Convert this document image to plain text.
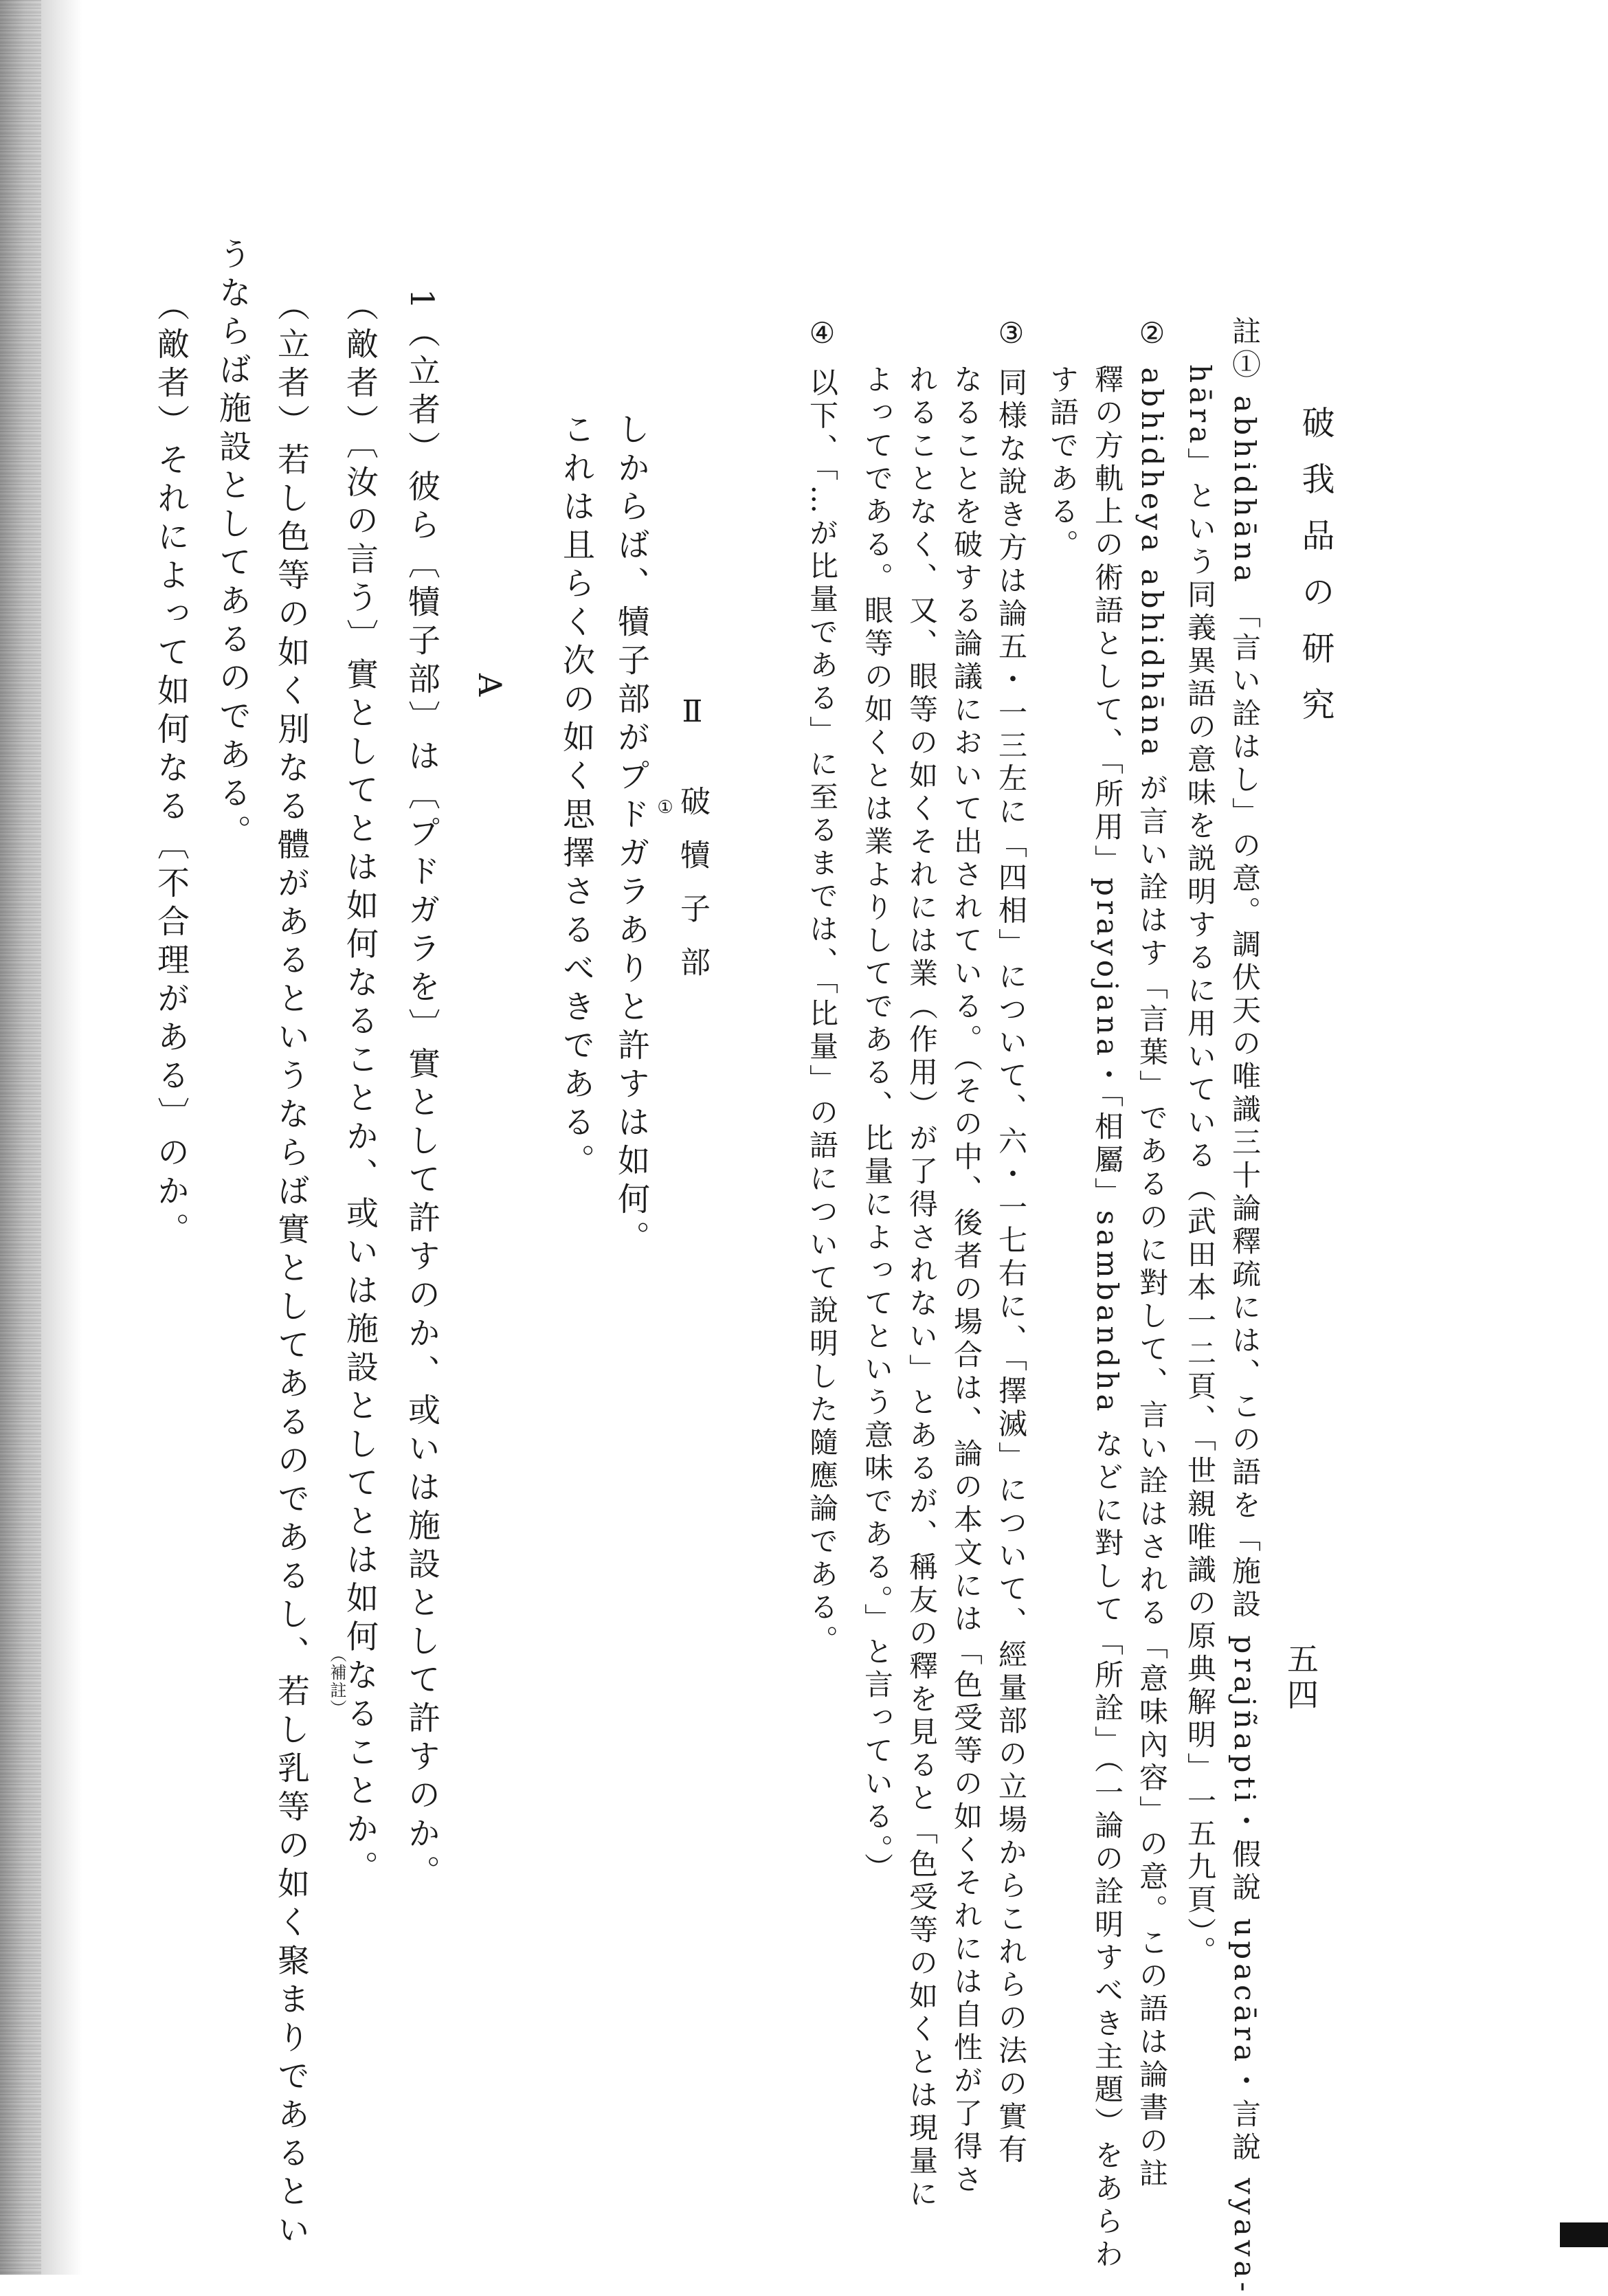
破我品の研究
五四
註① abhidhāna 「言い詮はし」の意。調伏天の唯識三十論釋疏には、この語を「施設 prajñapti・假說 upacāra・言說 vyava-
hāra」という同義異語の意味を説明するに用いている（武田本一二頁、「世親唯識の原典解明」一五九頁）。
② abhidheya abhidhāna が言い詮はす「言葉」であるのに對して、言い詮はされる「意味內容」の意。この語は論書の註
釋の方軌上の術語として、「所用」prayojana・「相屬」sambandha などに對して「所詮」（一論の詮明すべき主題）をあらわ
す語である。
③ 同様な說き方は論五・一三左に「四相」について、六・一七右に、「擇滅」について、經量部の立場からこれらの法の實有
なることを破する論議において出されている。（その中、後者の場合は、論の本文には「色受等の如くそれには自性が了得さ
れることなく、又、眼等の如くそれには業（作用）が了得されない」とあるが、稱友の釋を見ると「色受等の如くとは現量に
よってである。眼等の如くとは業よりしてである、比量によってという意味である。」と言っている。）
④ 以下、「…が比量である」に至るまでは、「比量」の語について說明した隨應論である。
しからば、犢子部がプドガラありと許すは如何。
これは且らく次の如く思擇さるべきである。	Ⅱ 破犢子部
①
A
1（立者）彼ら〔犢子部〕は〔プドガラを〕實として許すのか、或いは施設として許すのか。
（敵者）〔汝の言う〕實としてとは如何なることか、或いは施設としてとは如何なることか。
（補註）
（立者）若し色等の如く別なる體があるというならば實としてあるのであるし、若し乳等の如く聚まりであるとい
うならば施設としてあるのである。
（敵者）それによって如何なる〔不合理がある〕のか。
